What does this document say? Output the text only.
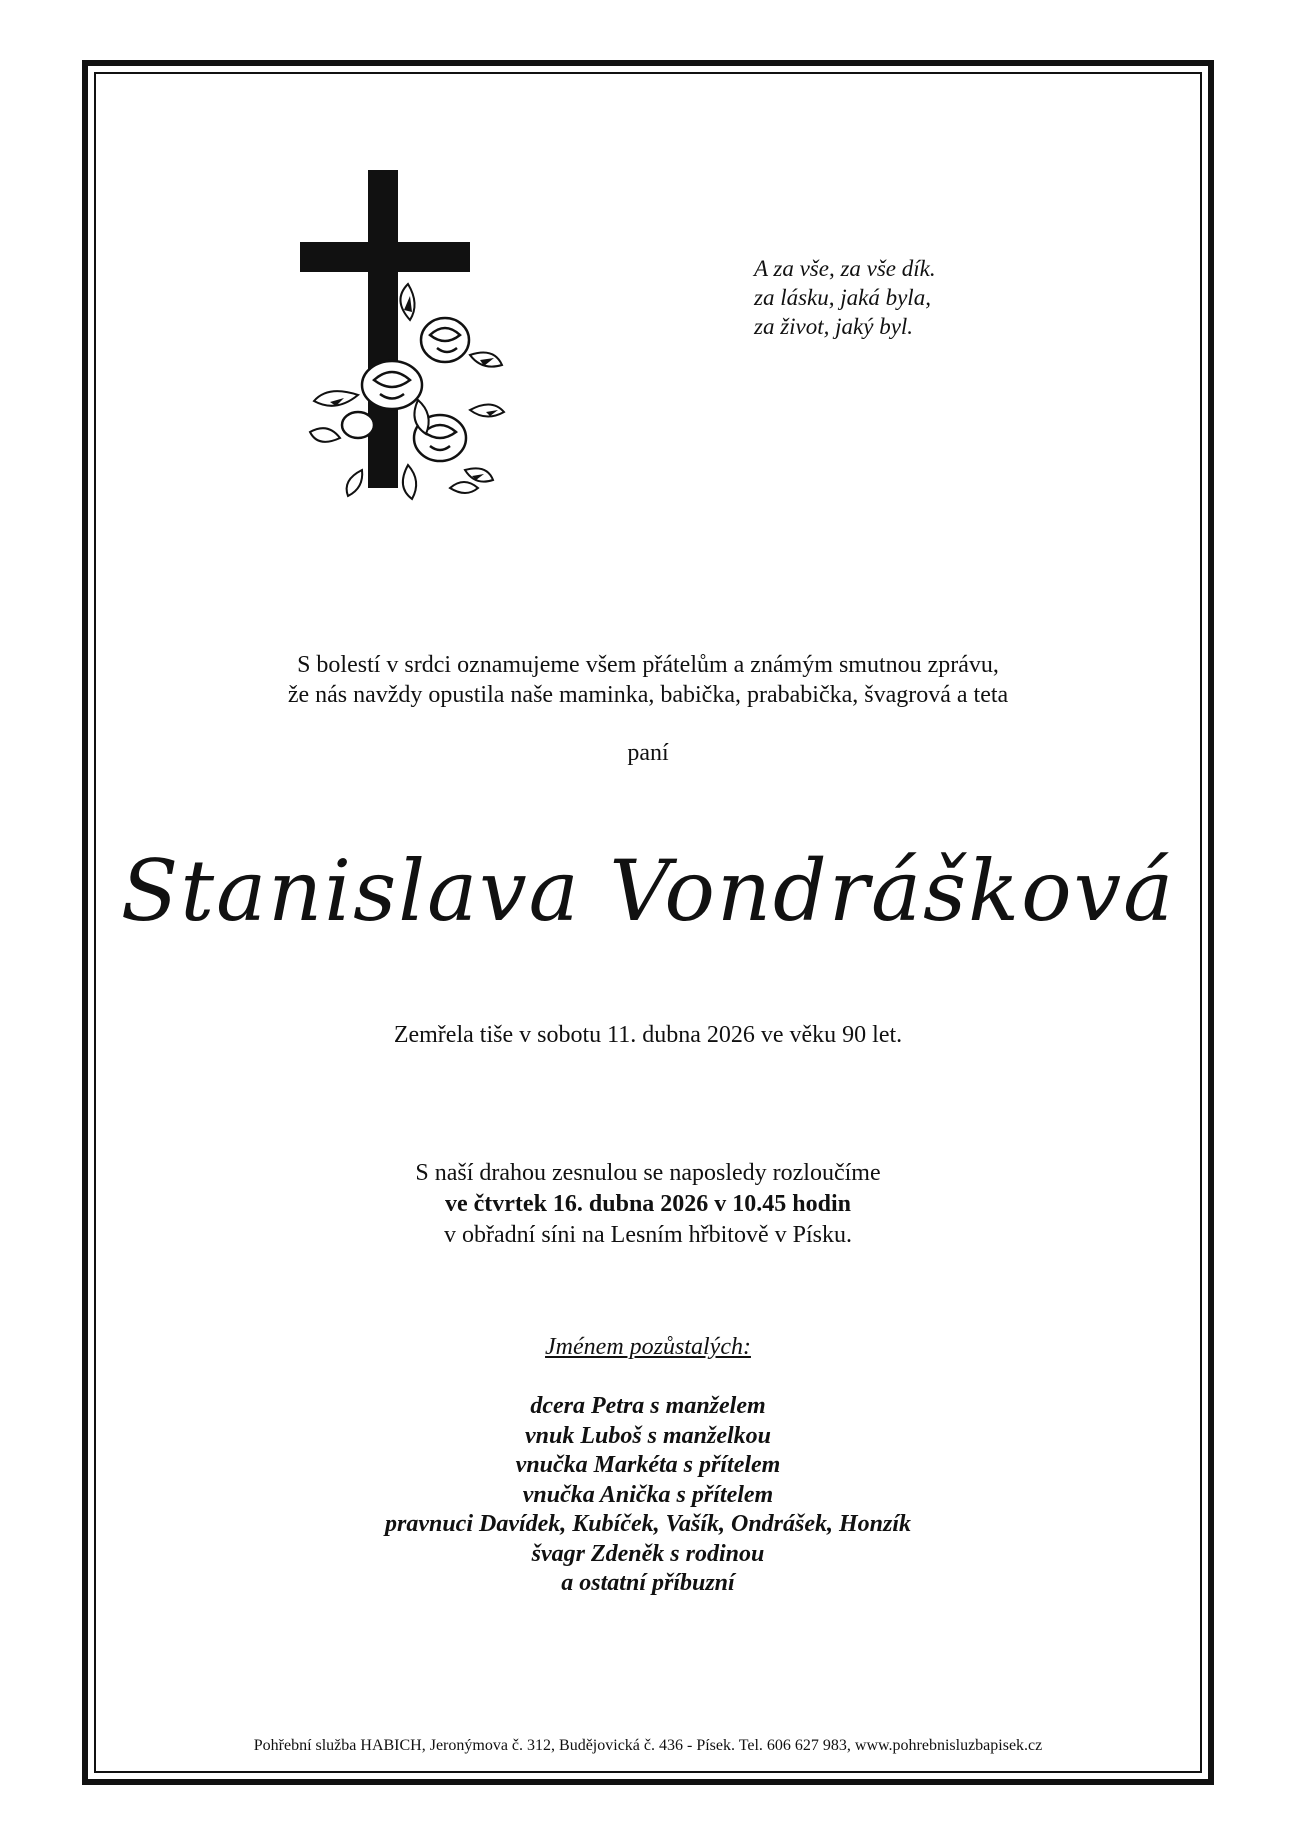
A za vše, za vše dík.
za lásku, jaká byla,
za život, jaký byl.
S bolestí v srdci oznamujeme všem přátelům a známým smutnou zprávu,
že nás navždy opustila naše maminka, babička, prababička, švagrová a teta
paní
Stanislava Vondrášková
Zemřela tiše v sobotu 11. dubna 2026 ve věku 90 let.
S naší drahou zesnulou se naposledy rozloučíme
ve čtvrtek 16. dubna 2026 v 10.45 hodin
v obřadní síni na Lesním hřbitově v Písku.
Jménem pozůstalých:
dcera Petra s manželem
vnuk Luboš s manželkou
vnučka Markéta s přítelem
vnučka Anička s přítelem
pravnuci Davídek, Kubíček, Vašík, Ondrášek, Honzík
švagr Zdeněk s rodinou
a ostatní příbuzní
Pohřební služba HABICH, Jeronýmova č. 312, Budějovická č. 436 - Písek. Tel. 606 627 983, www.pohrebnisluzbapisek.cz
